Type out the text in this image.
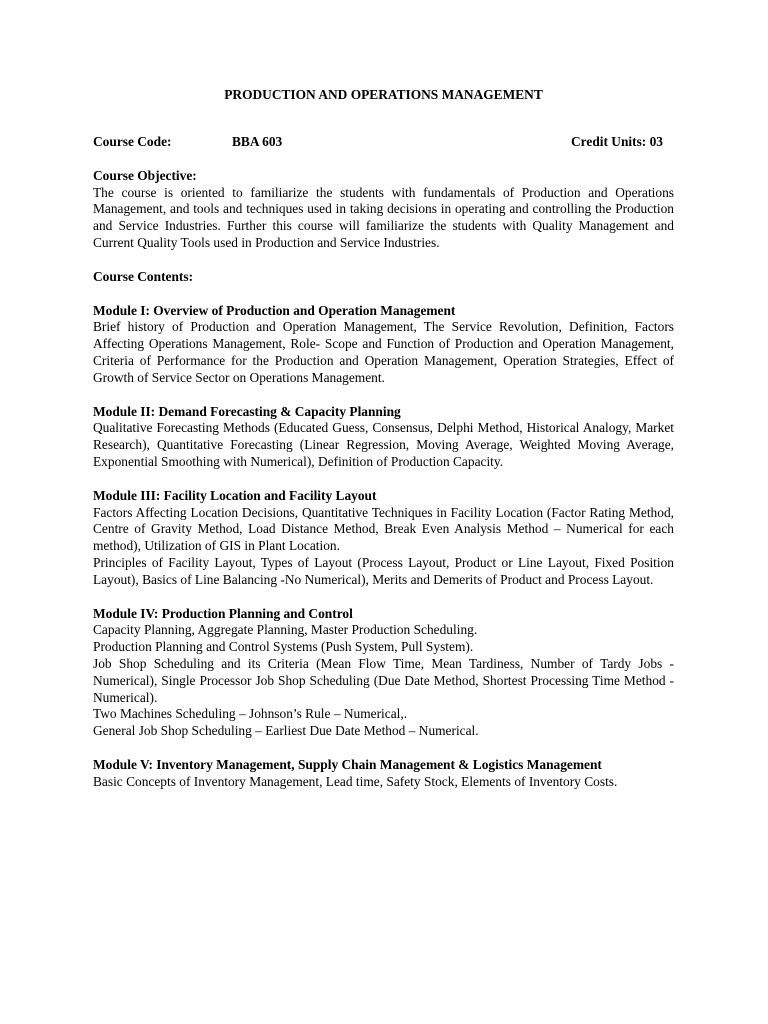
PRODUCTION AND OPERATIONS MANAGEMENT
Course Code:	BBA 603	Credit Units: 03
Course Objective:
The course is oriented to familiarize the students with fundamentals of Production and Operations Management, and tools and techniques used in taking decisions in operating and controlling the Production and Service Industries. Further this course will familiarize the students with Quality Management and Current Quality Tools used in Production and Service Industries.
Course Contents:
Module I: Overview of Production and Operation Management
Brief history of Production and Operation Management, The Service Revolution, Definition, Factors Affecting Operations Management, Role- Scope and Function of Production and Operation Management, Criteria of Performance for the Production and Operation Management, Operation Strategies, Effect of Growth of Service Sector on Operations Management.
Module II: Demand Forecasting & Capacity Planning
Qualitative Forecasting Methods (Educated Guess, Consensus, Delphi Method, Historical Analogy, Market Research), Quantitative Forecasting (Linear Regression, Moving Average, Weighted Moving Average, Exponential Smoothing with Numerical), Definition of Production Capacity.
Module III: Facility Location and Facility Layout
Factors Affecting Location Decisions, Quantitative Techniques in Facility Location (Factor Rating Method, Centre of Gravity Method, Load Distance Method, Break Even Analysis Method – Numerical for each method), Utilization of GIS in Plant Location.
Principles of Facility Layout, Types of Layout (Process Layout, Product or Line Layout, Fixed Position Layout), Basics of Line Balancing -No Numerical), Merits and Demerits of Product and Process Layout.
Module IV: Production Planning and Control
Capacity Planning, Aggregate Planning, Master Production Scheduling.
Production Planning and Control Systems (Push System, Pull System).
Job Shop Scheduling and its Criteria (Mean Flow Time, Mean Tardiness, Number of Tardy Jobs - Numerical), Single Processor Job Shop Scheduling (Due Date Method, Shortest Processing Time Method - Numerical).
Two Machines Scheduling – Johnson’s Rule – Numerical,.
General Job Shop Scheduling – Earliest Due Date Method – Numerical.
Module V: Inventory Management, Supply Chain Management & Logistics Management
Basic Concepts of Inventory Management, Lead time, Safety Stock, Elements of Inventory Costs.
